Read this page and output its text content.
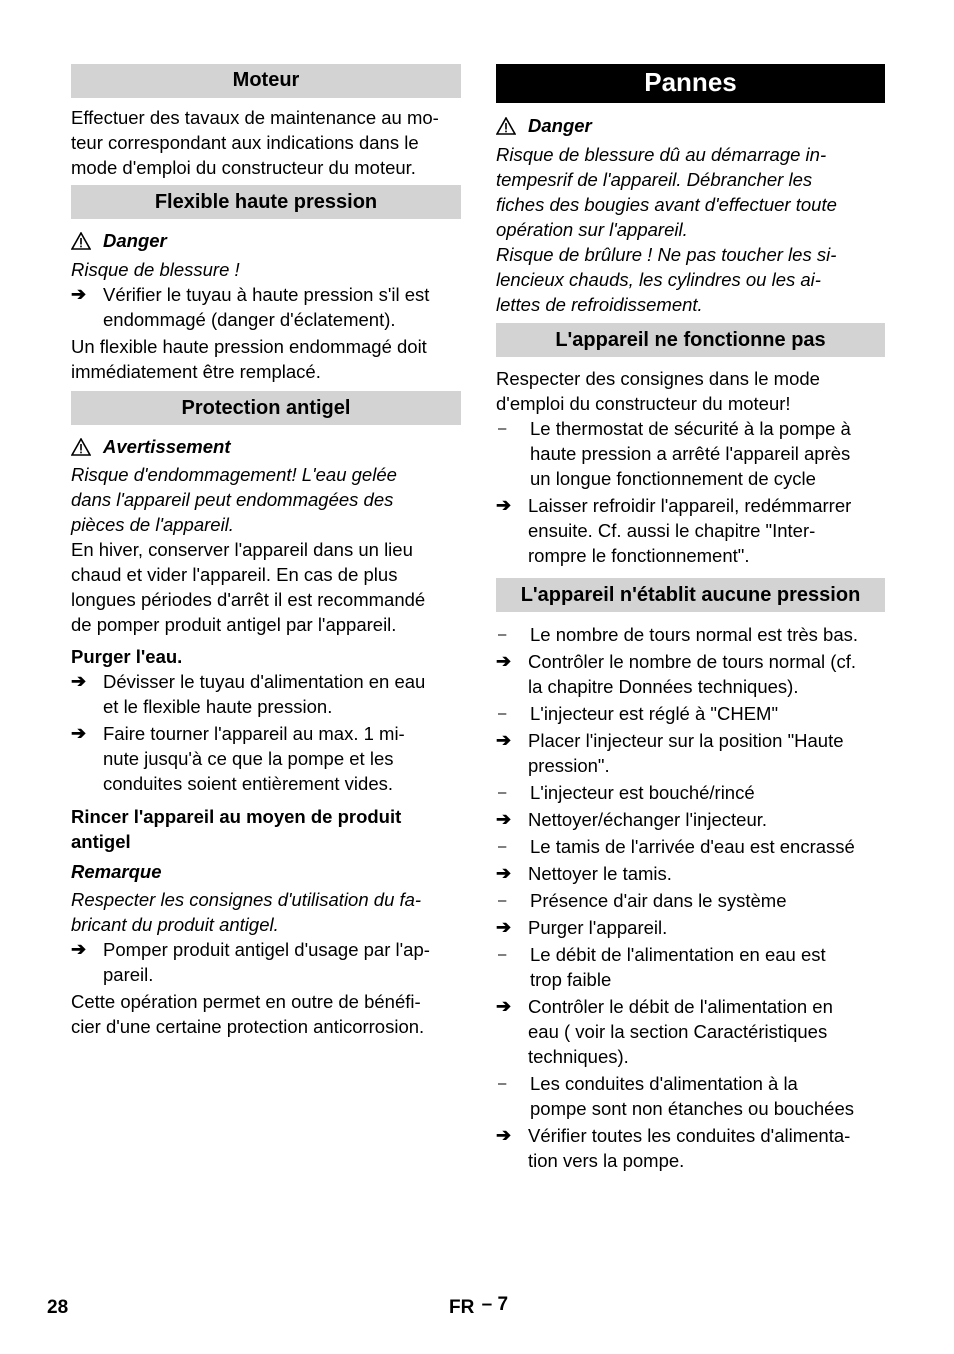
Moteur
Effectuer des tavaux de maintenance au mo-
teur correspondant aux indications dans le
mode d'emploi du constructeur du moteur.
Flexible haute pression
Danger
Risque de blessure !
➔ Vérifier le tuyau à haute pression s'il est
endommagé (danger d'éclatement).
Un flexible haute pression endommagé doit
immédiatement être remplacé.
Protection antigel
Avertissement
Risque d'endommagement! L'eau gelée
dans l'appareil peut endommagées des
pièces de l'appareil.
En hiver, conserver l'appareil dans un lieu
chaud et vider l'appareil. En cas de plus
longues périodes d'arrêt il est recommandé
de pomper produit antigel par l'appareil.
Purger l'eau.
➔ Dévisser le tuyau d'alimentation en eau
et le flexible haute pression.
➔ Faire tourner l'appareil au max. 1 mi-
nute jusqu'à ce que la pompe et les
conduites soient entièrement vides.
Rincer l'appareil au moyen de produit
antigel
Remarque
Respecter les consignes d'utilisation du fa-
bricant du produit antigel.
➔ Pomper produit antigel d'usage par l'ap-
pareil.
Cette opération permet en outre de bénéfi-
cier d'une certaine protection anticorrosion.
Pannes
Danger
Risque de blessure dû au démarrage in-
tempesrif de l'appareil. Débrancher les
fiches des bougies avant d'effectuer toute
opération sur l'appareil.
Risque de brûlure ! Ne pas toucher les si-
lencieux chauds, les cylindres ou les ai-
lettes de refroidissement.
L'appareil ne fonctionne pas
Respecter des consignes dans le mode
d'emploi du constructeur du moteur!
–	Le thermostat de sécurité à la pompe à
haute pression a arrêté l'appareil après
un longue fonctionnement de cycle
➔ Laisser refroidir l'appareil, redémmarrer
ensuite. Cf. aussi le chapitre "Inter-
rompre le fonctionnement".
L'appareil n'établit aucune pression
–	Le nombre de tours normal est très bas.
➔ Contrôler le nombre de tours normal (cf.
la chapitre Données techniques).
–	L'injecteur est réglé à "CHEM"
➔ Placer l'injecteur sur la position "Haute
pression".
–	L'injecteur est bouché/rincé
➔ Nettoyer/échanger l'injecteur.
–	Le tamis de l'arrivée d'eau est encrassé
➔ Nettoyer le tamis.
–	Présence d'air dans le système
➔ Purger l'appareil.
–	Le débit de l'alimentation en eau est
trop faible
➔ Contrôler le débit de l'alimentation en
eau ( voir la section Caractéristiques
techniques).
–	Les conduites d'alimentation à la
pompe sont non étanches ou bouchées
➔ Vérifier toutes les conduites d'alimenta-
tion vers la pompe.
28	FR – 7
